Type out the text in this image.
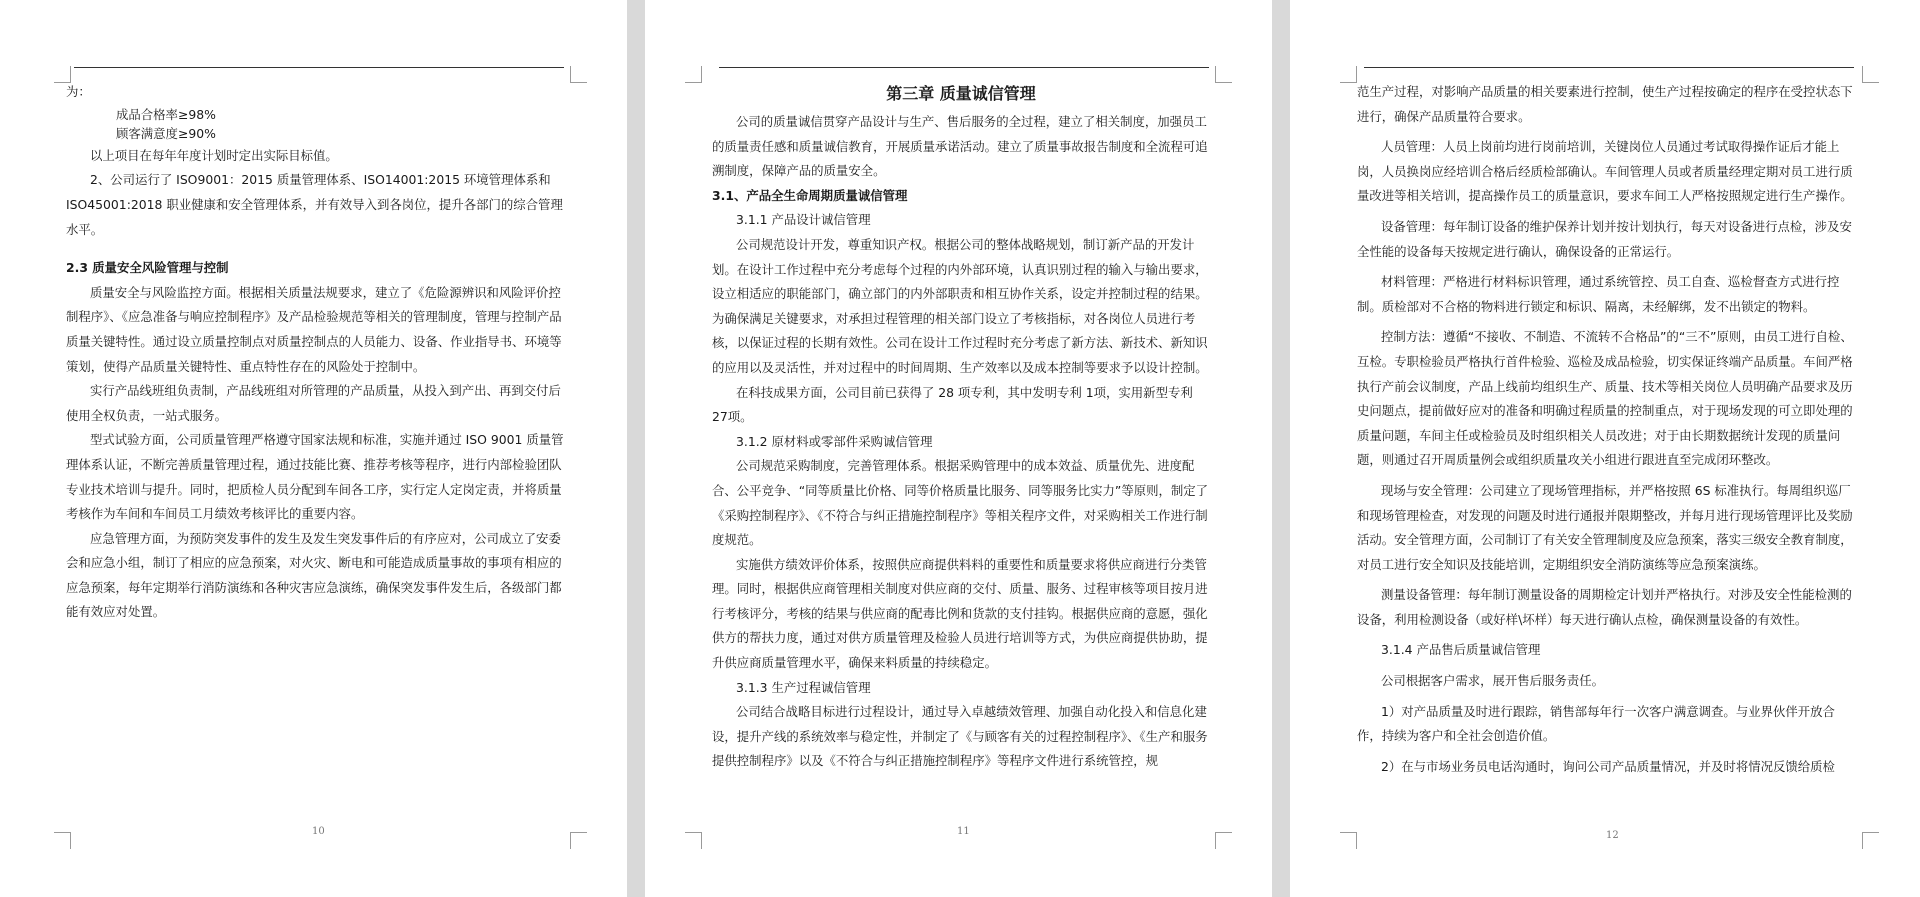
为：

成品合格率≥98%

顾客满意度≥90%

以上项目在每年年度计划时定出实际目标值。

2、公司运行了 ISO9001：2015 质量管理体系、ISO14001:2015 环境管理体系和ISO45001:2018 职业健康和安全管理体系，并有效导入到各岗位，提升各部门的综合管理水平。

2.3 质量安全风险管理与控制

质量安全与风险监控方面。根据相关质量法规要求，建立了《危险源辨识和风险评价控制程序》、《应急准备与响应控制程序》及产品检验规范等相关的管理制度，管理与控制产品质量关键特性。通过设立质量控制点对质量控制点的人员能力、设备、作业指导书、环境等策划，使得产品质量关键特性、重点特性存在的风险处于控制中。

实行产品线班组负责制，产品线班组对所管理的产品质量，从投入到产出、再到交付后使用全权负责，一站式服务。

型式试验方面，公司质量管理严格遵守国家法规和标准，实施并通过 ISO 9001 质量管理体系认证，不断完善质量管理过程，通过技能比赛、推荐考核等程序，进行内部检验团队专业技术培训与提升。同时，把质检人员分配到车间各工序，实行定人定岗定责，并将质量考核作为车间和车间员工月绩效考核评比的重要内容。

应急管理方面，为预防突发事件的发生及发生突发事件后的有序应对，公司成立了安委会和应急小组，制订了相应的应急预案，对火灾、断电和可能造成质量事故的事项有相应的应急预案，每年定期举行消防演练和各种灾害应急演练，确保突发事件发生后，各级部门都能有效应对处置。

10

第三章 质量诚信管理

公司的质量诚信贯穿产品设计与生产、售后服务的全过程，建立了相关制度，加强员工的质量责任感和质量诚信教育，开展质量承诺活动。建立了质量事故报告制度和全流程可追溯制度，保障产品的质量安全。

3.1、产品全生命周期质量诚信管理

3.1.1 产品设计诚信管理

公司规范设计开发，尊重知识产权。根据公司的整体战略规划，制订新产品的开发计划。在设计工作过程中充分考虑每个过程的内外部环境，认真识别过程的输入与输出要求，设立相适应的职能部门，确立部门的内外部职责和相互协作关系，设定并控制过程的结果。为确保满足关键要求，对承担过程管理的相关部门设立了考核指标，对各岗位人员进行考核，以保证过程的长期有效性。公司在设计工作过程时充分考虑了新方法、新技术、新知识的应用以及灵活性，并对过程中的时间周期、生产效率以及成本控制等要求予以设计控制。

在科技成果方面，公司目前已获得了 28 项专利，其中发明专利 1项，实用新型专利 27项。

3.1.2 原材料或零部件采购诚信管理

公司规范采购制度，完善管理体系。根据采购管理中的成本效益、质量优先、进度配合、公平竞争、“同等质量比价格、同等价格质量比服务、同等服务比实力”等原则，制定了《采购控制程序》、《不符合与纠正措施控制程序》等相关程序文件，对采购相关工作进行制度规范。

实施供方绩效评价体系，按照供应商提供料料的重要性和质量要求将供应商进行分类管理。同时，根据供应商管理相关制度对供应商的交付、质量、服务、过程审核等项目按月进行考核评分，考核的结果与供应商的配毒比例和货款的支付挂钩。根据供应商的意愿，强化供方的帮扶力度，通过对供方质量管理及检验人员进行培训等方式，为供应商提供协助，提升供应商质量管理水平，确保来料质量的持续稳定。

3.1.3 生产过程诚信管理

公司结合战略目标进行过程设计，通过导入卓越绩效管理、加强自动化投入和信息化建设，提升产线的系统效率与稳定性，并制定了《与顾客有关的过程控制程序》、《生产和服务提供控制程序》以及《不符合与纠正措施控制程序》等程序文件进行系统管控，规

11

范生产过程，对影响产品质量的相关要素进行控制，使生产过程按确定的程序在受控状态下进行，确保产品质量符合要求。

人员管理：人员上岗前均进行岗前培训，关键岗位人员通过考试取得操作证后才能上岗，人员换岗应经培训合格后经质检部确认。车间管理人员或者质量经理定期对员工进行质量改进等相关培训，提高操作员工的质量意识，要求车间工人严格按照规定进行生产操作。

设备管理：每年制订设备的维护保养计划并按计划执行，每天对设备进行点检，涉及安全性能的设备每天按规定进行确认，确保设备的正常运行。

材料管理：严格进行材料标识管理，通过系统管控、员工自查、巡检督查方式进行控制。质检部对不合格的物料进行锁定和标识、隔离，未经解绑，发不出锁定的物料。

控制方法：遵循“不接收、不制造、不流转不合格品”的“三不”原则，由员工进行自检、互检。专职检验员严格执行首件检验、巡检及成品检验，切实保证终端产品质量。车间严格执行产前会议制度，产品上线前均组织生产、质量、技术等相关岗位人员明确产品要求及历史问题点，提前做好应对的准备和明确过程质量的控制重点，对于现场发现的可立即处理的质量问题，车间主任或检验员及时组织相关人员改进；对于由长期数据统计发现的质量问题，则通过召开周质量例会或组织质量攻关小组进行跟进直至完成闭环整改。

现场与安全管理：公司建立了现场管理指标，并严格按照 6S 标准执行。每周组织巡厂和现场管理检查，对发现的问题及时进行通报并限期整改，并每月进行现场管理评比及奖励活动。安全管理方面，公司制订了有关安全管理制度及应急预案，落实三级安全教育制度，对员工进行安全知识及技能培训，定期组织安全消防演练等应急预案演练。

测量设备管理：每年制订测量设备的周期检定计划并严格执行。对涉及安全性能检测的设备，利用检测设备（或好样\坏样）每天进行确认点检，确保测量设备的有效性。

3.1.4 产品售后质量诚信管理

公司根据客户需求，展开售后服务责任。

1）对产品质量及时进行跟踪，销售部每年行一次客户满意调查。与业界伙伴开放合作，持续为客户和全社会创造价值。

2）在与市场业务员电话沟通时，询问公司产品质量情况，并及时将情况反馈给质检

12
